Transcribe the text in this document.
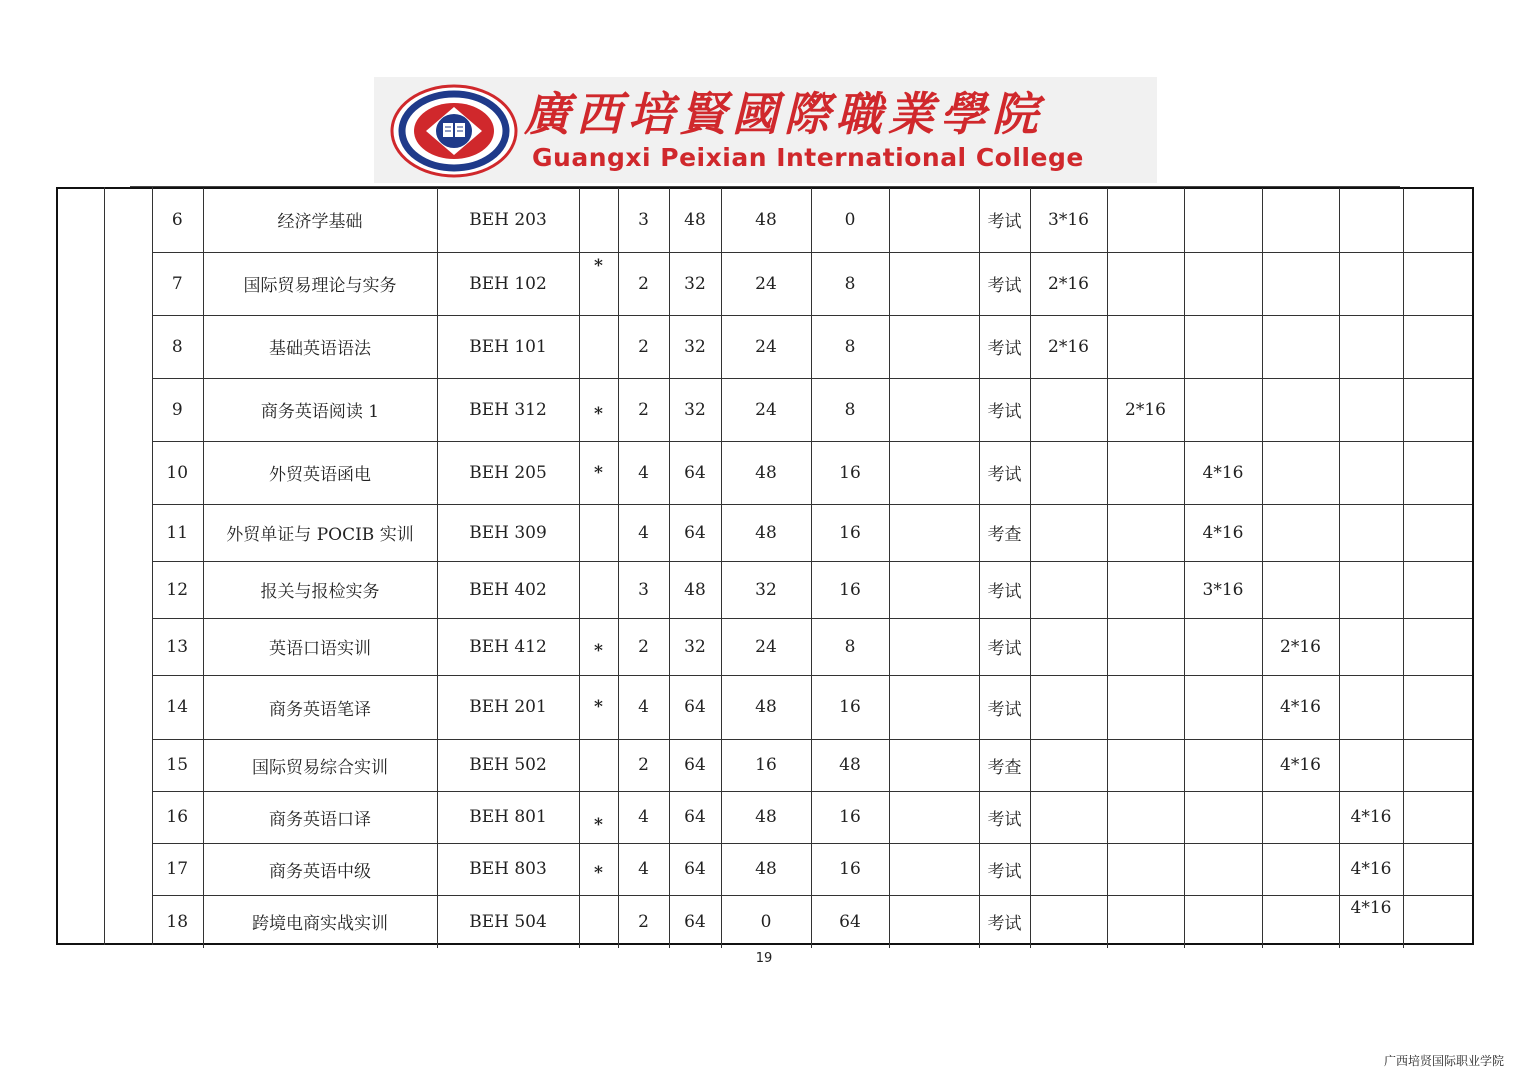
廣西培賢國際職業學院
Guangxi Peixian International College
6	经济学基础	BEH 203		3	48	48	0		考试	3*16					
7	国际贸易理论与实务	BEH 102	*	2	32	24	8		考试	2*16					
8	基础英语语法	BEH 101		2	32	24	8		考试	2*16					
9	商务英语阅读 1	BEH 312	*	2	32	24	8		考试		2*16				
10	外贸英语函电	BEH 205	*	4	64	48	16		考试			4*16			
11	外贸单证与 POCIB 实训	BEH 309		4	64	48	16		考查			4*16			
12	报关与报检实务	BEH 402		3	48	32	16		考试			3*16			
13	英语口语实训	BEH 412	*	2	32	24	8		考试				2*16		
14	商务英语笔译	BEH 201	*	4	64	48	16		考试				4*16		
15	国际贸易综合实训	BEH 502		2	64	16	48		考查				4*16		
16	商务英语口译	BEH 801	*	4	64	48	16		考试					4*16	
17	商务英语中级	BEH 803	*	4	64	48	16		考试					4*16	
18	跨境电商实战实训	BEH 504		2	64	0	64		考试					4*16	

19
广西培贤国际职业学院
